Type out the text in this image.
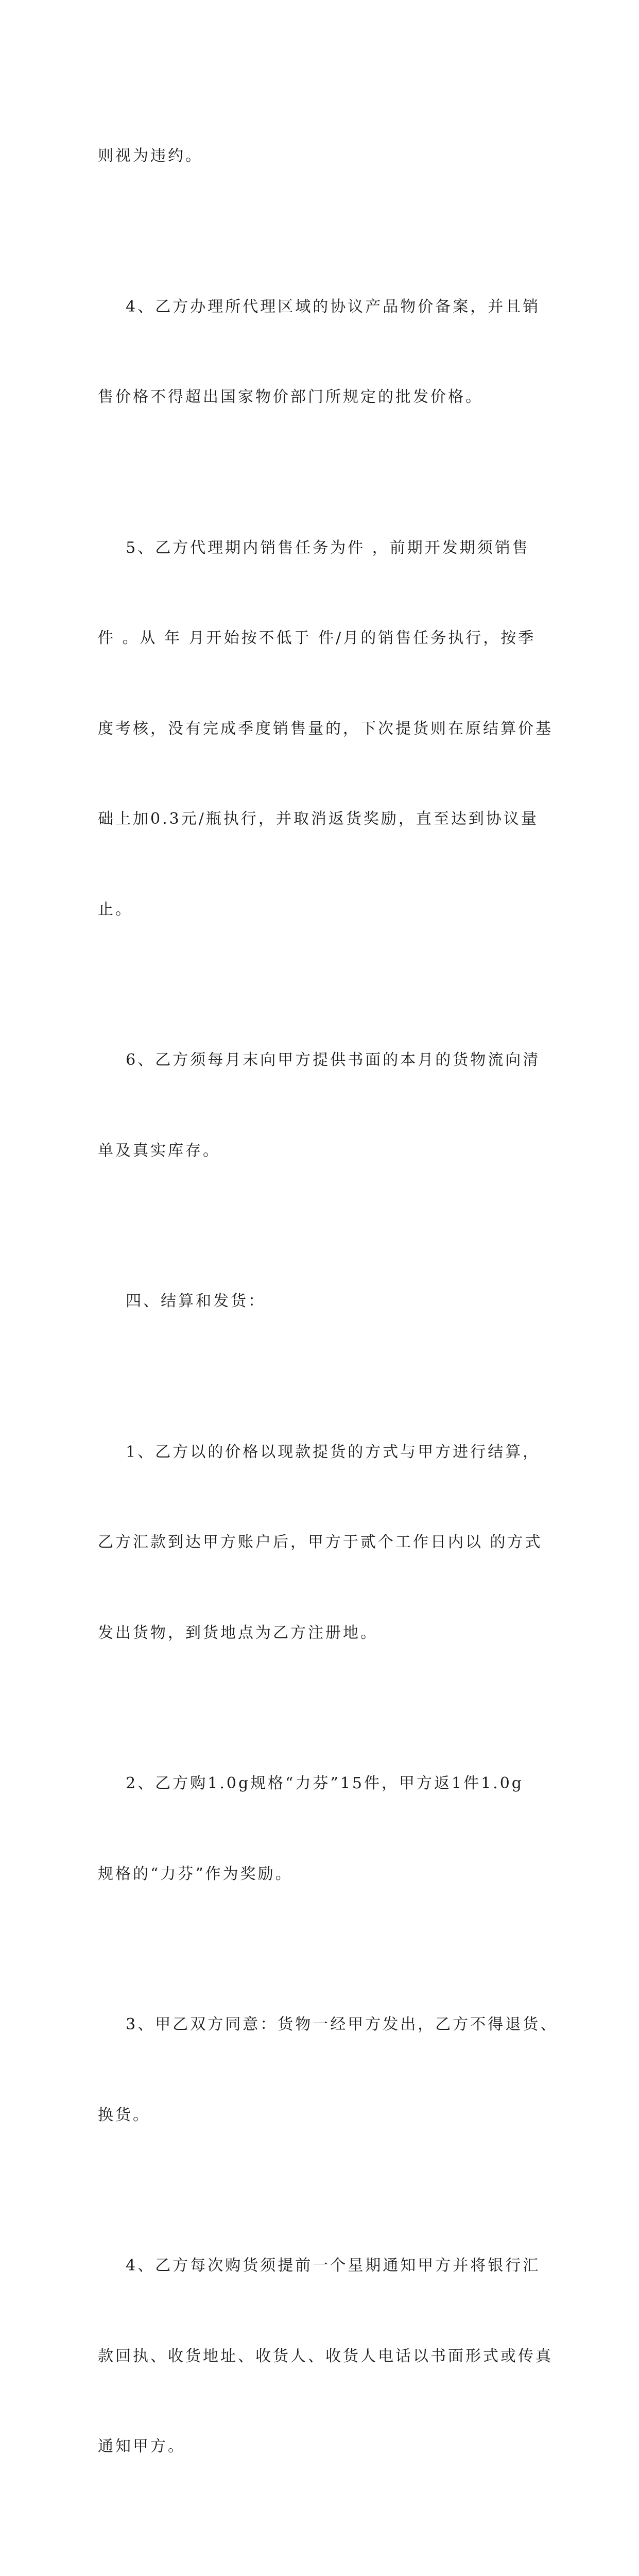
则视为违约。

4、乙方办理所代理区域的协议产品物价备案，并且销

售价格不得超出国家物价部门所规定的批发价格。

5、乙方代理期内销售任务为件 ，前期开发期须销售

件 。从 年 月开始按不低于 件/月的销售任务执行，按季

度考核，没有完成季度销售量的，下次提货则在原结算价基

础上加0.3元/瓶执行，并取消返货奖励，直至达到协议量

止。

6、乙方须每月末向甲方提供书面的本月的货物流向清

单及真实库存。

四、结算和发货：

1、乙方以的价格以现款提货的方式与甲方进行结算，

乙方汇款到达甲方账户后，甲方于贰个工作日内以 的方式

发出货物，到货地点为乙方注册地。

2、乙方购1.0g规格“力芬”15件，甲方返1件1.0g

规格的“力芬”作为奖励。

3、甲乙双方同意：货物一经甲方发出，乙方不得退货、

换货。

4、乙方每次购货须提前一个星期通知甲方并将银行汇

款回执、收货地址、收货人、收货人电话以书面形式或传真

通知甲方。
